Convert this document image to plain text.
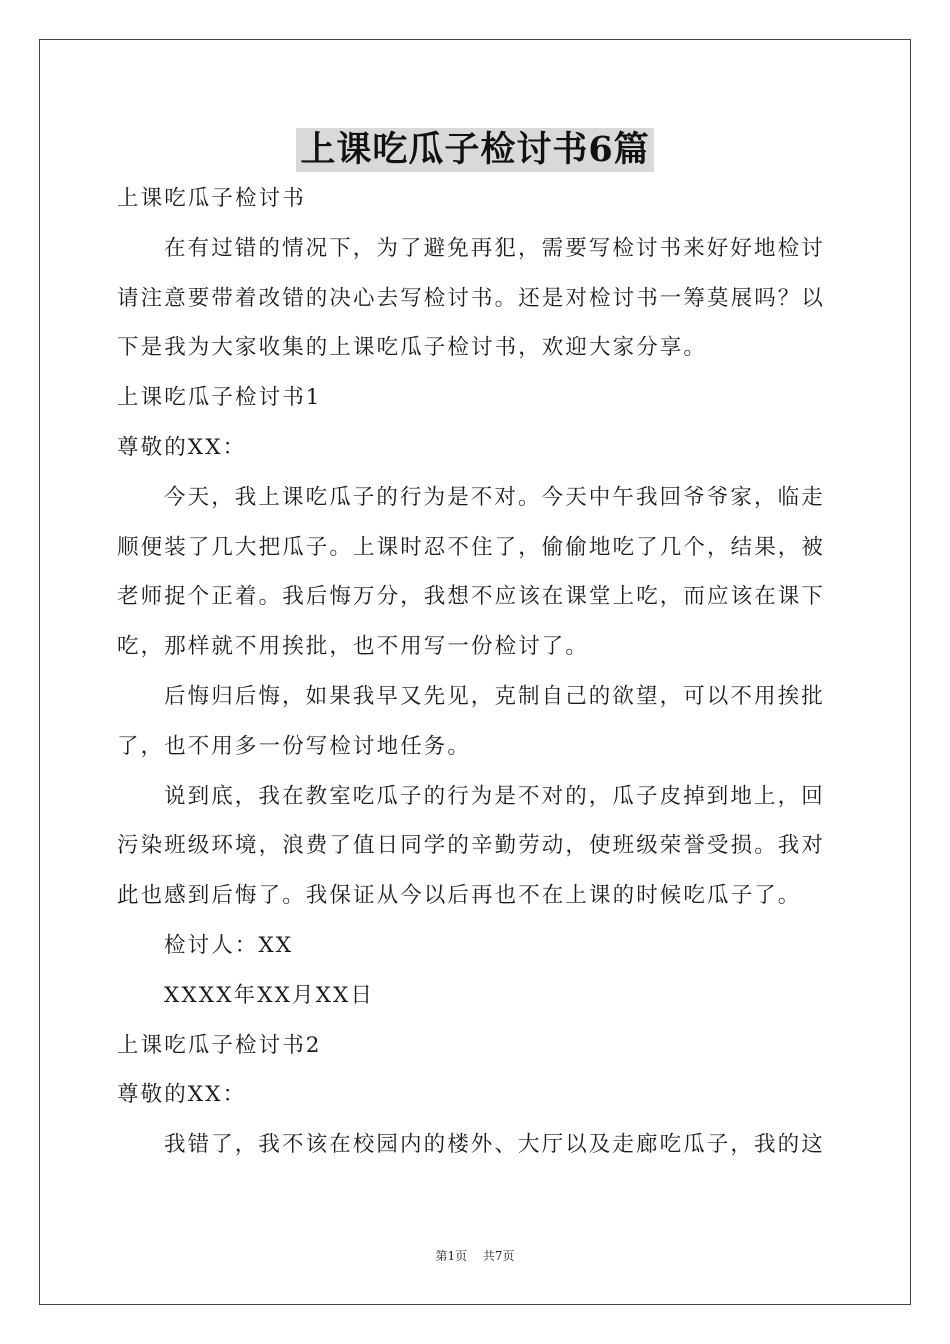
上课吃瓜子检讨书6篇
上课吃瓜子检讨书
在有过错的情况下，为了避免再犯，需要写检讨书来好好地检讨
请注意要带着改错的决心去写检讨书。还是对检讨书一筹莫展吗？以
下是我为大家收集的上课吃瓜子检讨书，欢迎大家分享。
上课吃瓜子检讨书1
尊敬的XX：
今天，我上课吃瓜子的行为是不对。今天中午我回爷爷家，临走
顺便装了几大把瓜子。上课时忍不住了，偷偷地吃了几个，结果，被
老师捉个正着。我后悔万分，我想不应该在课堂上吃，而应该在课下
吃，那样就不用挨批，也不用写一份检讨了。
后悔归后悔，如果我早又先见，克制自己的欲望，可以不用挨批
了，也不用多一份写检讨地任务。
说到底，我在教室吃瓜子的行为是不对的，瓜子皮掉到地上，回
污染班级环境，浪费了值日同学的辛勤劳动，使班级荣誉受损。我对
此也感到后悔了。我保证从今以后再也不在上课的时候吃瓜子了。
检讨人：XX
XXXX年XX月XX日
上课吃瓜子检讨书2
尊敬的XX：
我错了，我不该在校园内的楼外、大厅以及走廊吃瓜子，我的这
第1页 共7页
